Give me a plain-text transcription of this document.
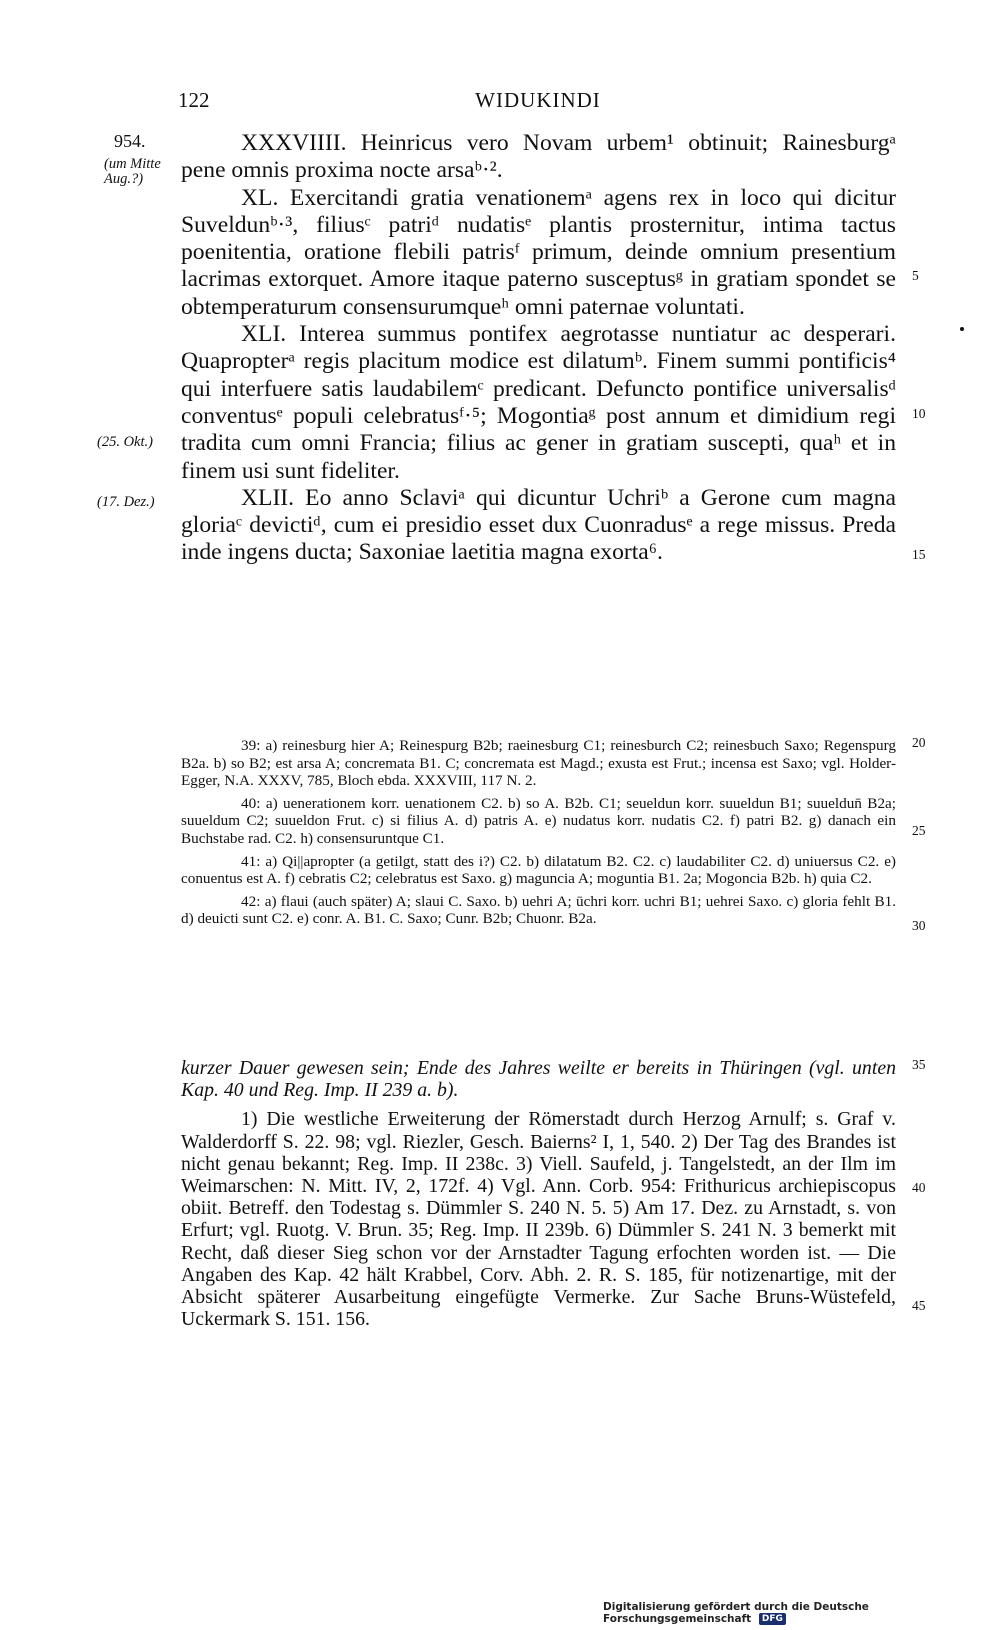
122	WIDUKINDI
954.
(um Mitte Aug.?)
(25. Okt.)
(17. Dez.)
5
10
15
20
25
30
35
40
45

XXXVIIII. Heinricus vero Novam urbem¹ obtinuit; Rainesburgᵃ pene omnis proxima nocte arsaᵇ·².

XL. Exercitandi gratia venationemᵃ agens rex in loco qui dicitur Suveldunᵇ·³, filiusᶜ patriᵈ nudatisᵉ plantis prosternitur, intima tactus poenitentia, oratione flebili patrisᶠ primum, deinde omnium presentium lacrimas extorquet. Amore itaque paterno susceptusᵍ in gratiam spondet se obtemperaturum consensurumqueʰ omni paternae voluntati.

XLI. Interea summus pontifex aegrotasse nuntiatur ac desperari. Quapropterᵃ regis placitum modice est dilatumᵇ. Finem summi pontificis⁴ qui interfuere satis laudabilemᶜ predicant. Defuncto pontifice universalisᵈ conventusᵉ populi celebratusᶠ·⁵; Mogontiaᵍ post annum et dimidium regi tradita cum omni Francia; filius ac gener in gratiam suscepti, quaʰ et in finem usi sunt fideliter.

XLII. Eo anno Sclaviᵃ qui dicuntur Uchriᵇ a Gerone cum magna gloriaᶜ devictiᵈ, cum ei presidio esset dux Cuonradusᵉ a rege missus. Preda inde ingens ducta; Saxoniae laetitia magna exorta⁶.

39: a) reinesburg hier A; Reinespurg B2b; raeinesburg C1; reinesburch C2; reinesbuch Saxo; Regenspurg B2a. b) so B2; est arsa A; concremata B1. C; concremata est Magd.; exusta est Frut.; incensa est Saxo; vgl. Holder-Egger, N.A. XXXV, 785, Bloch ebda. XXXVIII, 117 N. 2.

40: a) uenerationem korr. uenationem C2. b) so A. B2b. C1; seueldun korr. suueldun B1; suueldun̄ B2a; suueldum C2; suueldon Frut. c) si filius A. d) patris A. e) nudatus korr. nudatis C2. f) patri B2. g) danach ein Buchstabe rad. C2. h) consensuruntque C1.

41: a) Qi||apropter (a getilgt, statt des i?) C2. b) dilatatum B2. C2. c) laudabiliter C2. d) uniuersus C2. e) conuentus est A. f) cebratis C2; celebratus est Saxo. g) maguncia A; moguntia B1. 2a; Mogoncia B2b. h) quia C2.

42: a) flaui (auch später) A; slaui C. Saxo. b) uehri A; ūchri korr. uchri B1; uehrei Saxo. c) gloria fehlt B1. d) deuicti sunt C2. e) conr. A. B1. C. Saxo; Cunr. B2b; Chuonr. B2a.

kurzer Dauer gewesen sein; Ende des Jahres weilte er bereits in Thüringen (vgl. unten Kap. 40 und Reg. Imp. II 239 a. b).

1) Die westliche Erweiterung der Römerstadt durch Herzog Arnulf; s. Graf v. Walderdorff S. 22. 98; vgl. Riezler, Gesch. Baierns² I, 1, 540. 2) Der Tag des Brandes ist nicht genau bekannt; Reg. Imp. II 238c. 3) Viell. Saufeld, j. Tangelstedt, an der Ilm im Weimarschen: N. Mitt. IV, 2, 172f. 4) Vgl. Ann. Corb. 954: Frithuricus archiepiscopus obiit. Betreff. den Todestag s. Dümmler S. 240 N. 5. 5) Am 17. Dez. zu Arnstadt, s. von Erfurt; vgl. Ruotg. V. Brun. 35; Reg. Imp. II 239b. 6) Dümmler S. 241 N. 3 bemerkt mit Recht, daß dieser Sieg schon vor der Arnstadter Tagung erfochten worden ist. — Die Angaben des Kap. 42 hält Krabbel, Corv. Abh. 2. R. S. 185, für notizenartige, mit der Absicht späterer Ausarbeitung eingefügte Vermerke. Zur Sache Bruns-Wüstefeld, Uckermark S. 151. 156.

Digitalisierung gefördert durch die Deutsche Forschungsgemeinschaft DFG
